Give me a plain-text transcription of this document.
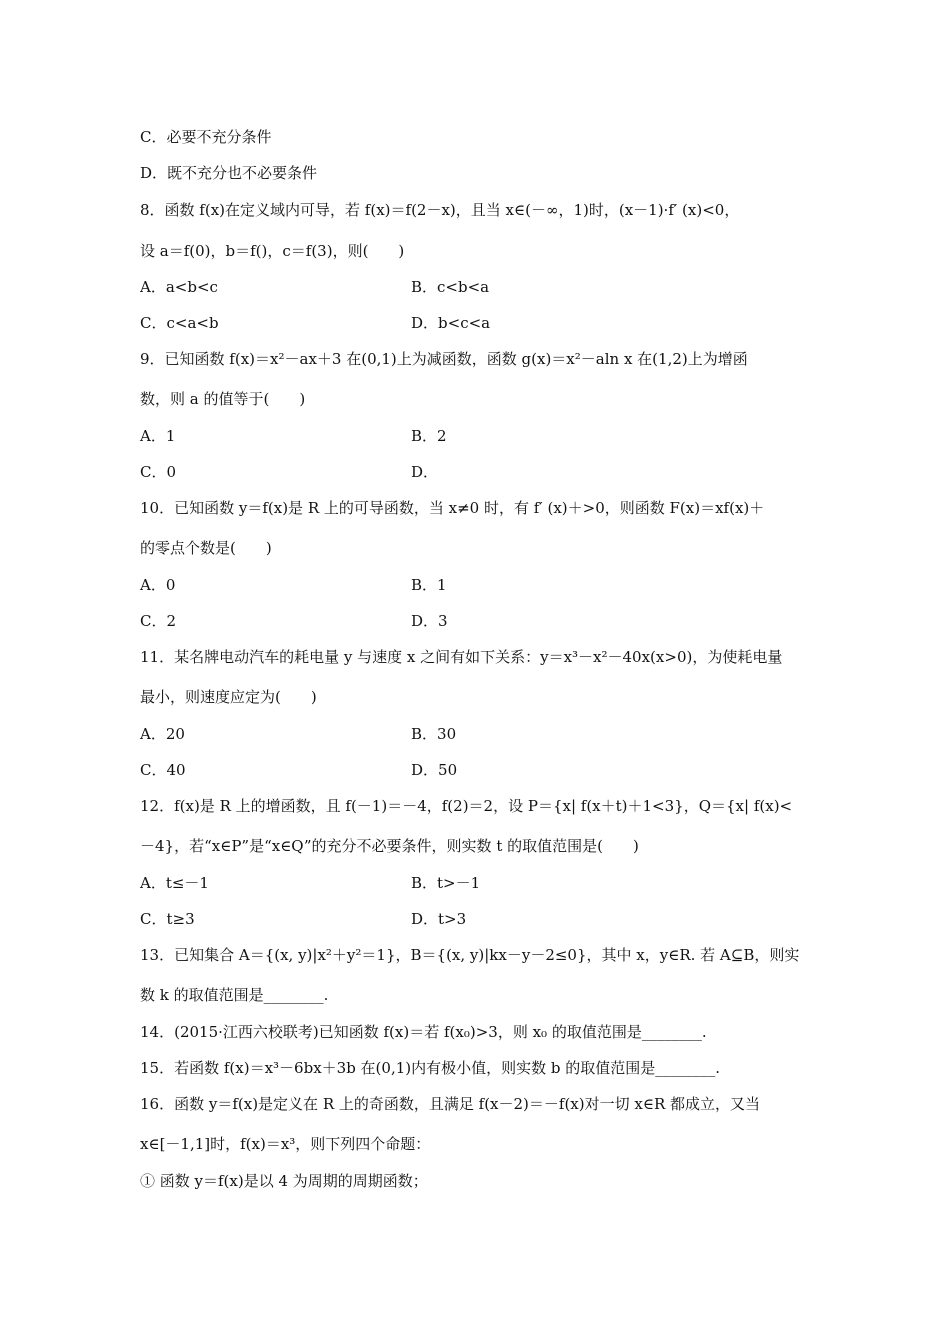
C．必要不充分条件
D．既不充分也不必要条件
8．函数 f(x)在定义域内可导，若 f(x)＝f(2－x)，且当 x∈(－∞，1)时，(x－1)·f′ (x)<0，
设 a＝f(0)，b＝f()，c＝f(3)，则(　　)
A．a<b<c	B．c<b<a
C．c<a<b	D．b<c<a
9．已知函数 f(x)＝x²－ax＋3 在(0,1)上为减函数，函数 g(x)＝x²－aln x 在(1,2)上为增函
数，则 a 的值等于(　　)
A．1	B．2
C．0	D．
10．已知函数 y＝f(x)是 R 上的可导函数，当 x≠0 时，有 f′ (x)＋>0，则函数 F(x)＝xf(x)＋
的零点个数是(　　)
A．0	B．1
C．2	D．3
11．某名牌电动汽车的耗电量 y 与速度 x 之间有如下关系：y＝x³－x²－40x(x>0)，为使耗电量
最小，则速度应定为(　　)
A．20	B．30
C．40	D．50
12．f(x)是 R 上的增函数，且 f(－1)＝－4，f(2)＝2，设 P＝{x| f(x＋t)＋1<3}，Q＝{x| f(x)<
－4}，若“x∈P”是“x∈Q”的充分不必要条件，则实数 t 的取值范围是(　　)
A．t≤－1	B．t>－1
C．t≥3	D．t>3
13．已知集合 A＝{(x, y)|x²＋y²＝1}，B＝{(x, y)|kx－y－2≤0}，其中 x，y∈R. 若 A⊆B，则实
数 k 的取值范围是________.
14．(2015·江西六校联考)已知函数 f(x)＝若 f(x₀)>3，则 x₀ 的取值范围是________.
15．若函数 f(x)＝x³－6bx＋3b 在(0,1)内有极小值，则实数 b 的取值范围是________.
16．函数 y＝f(x)是定义在 R 上的奇函数，且满足 f(x－2)＝－f(x)对一切 x∈R 都成立，又当
x∈[－1,1]时，f(x)＝x³，则下列四个命题：
① 函数 y＝f(x)是以 4 为周期的周期函数；
